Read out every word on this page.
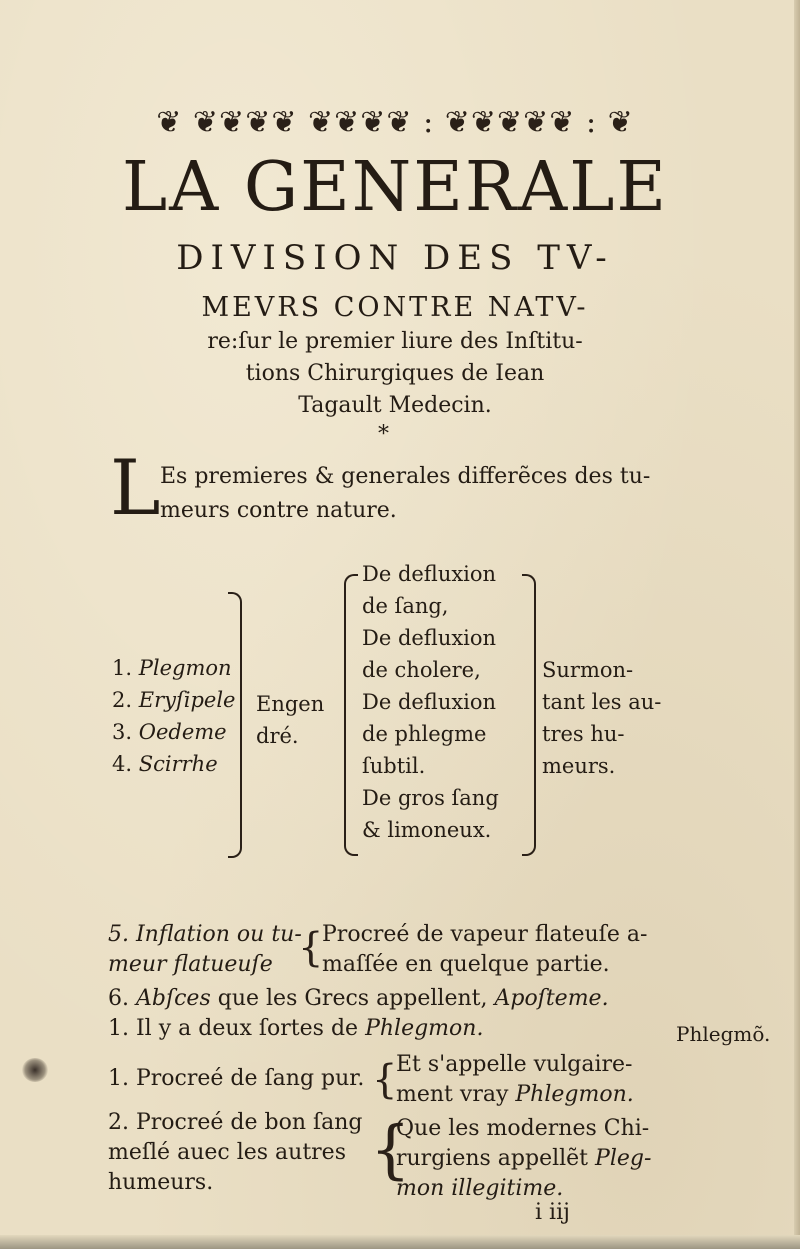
❦ ❦❦❦❦ ❦❦❦❦ : ❦❦❦❦❦ : ❦
LA GENERALE
DIVISION DES TV-
MEVRS CONTRE NATV-
re:ſur le premier liure des Inſtitu-
tions Chirurgiques de Iean
Tagault Medecin.
*
L Es premieres & generales differẽces des tu-
meurs contre nature.
1. Plegmon
2. Eryſipele
3. Oedeme
4. Scirrhe
Engen
dré.
De defluxion
de ſang,
De defluxion
de cholere,
De defluxion
de phlegme
ſubtil.
De gros ſang
& limoneux.
Surmon-
tant les au-
tres hu-
meurs.
5. Inflation ou tu-
meur flatueuſe {
Procreé de vapeur flateuſe a-
maſſée en quelque partie.
6. Abſces que les Grecs appellent, Apoſteme.
1. Il y a deux ſortes de Phlegmon.	Phlegmõ.
1. Procreé de ſang pur. {
Et s'appelle vulgaire-
ment vray Phlegmon.
2. Procreé de bon ſang
meſlé auec les autres
humeurs.	{
Que les modernes Chi-
rurgiens appellẽt Pleg-
mon illegitime.
i iij
